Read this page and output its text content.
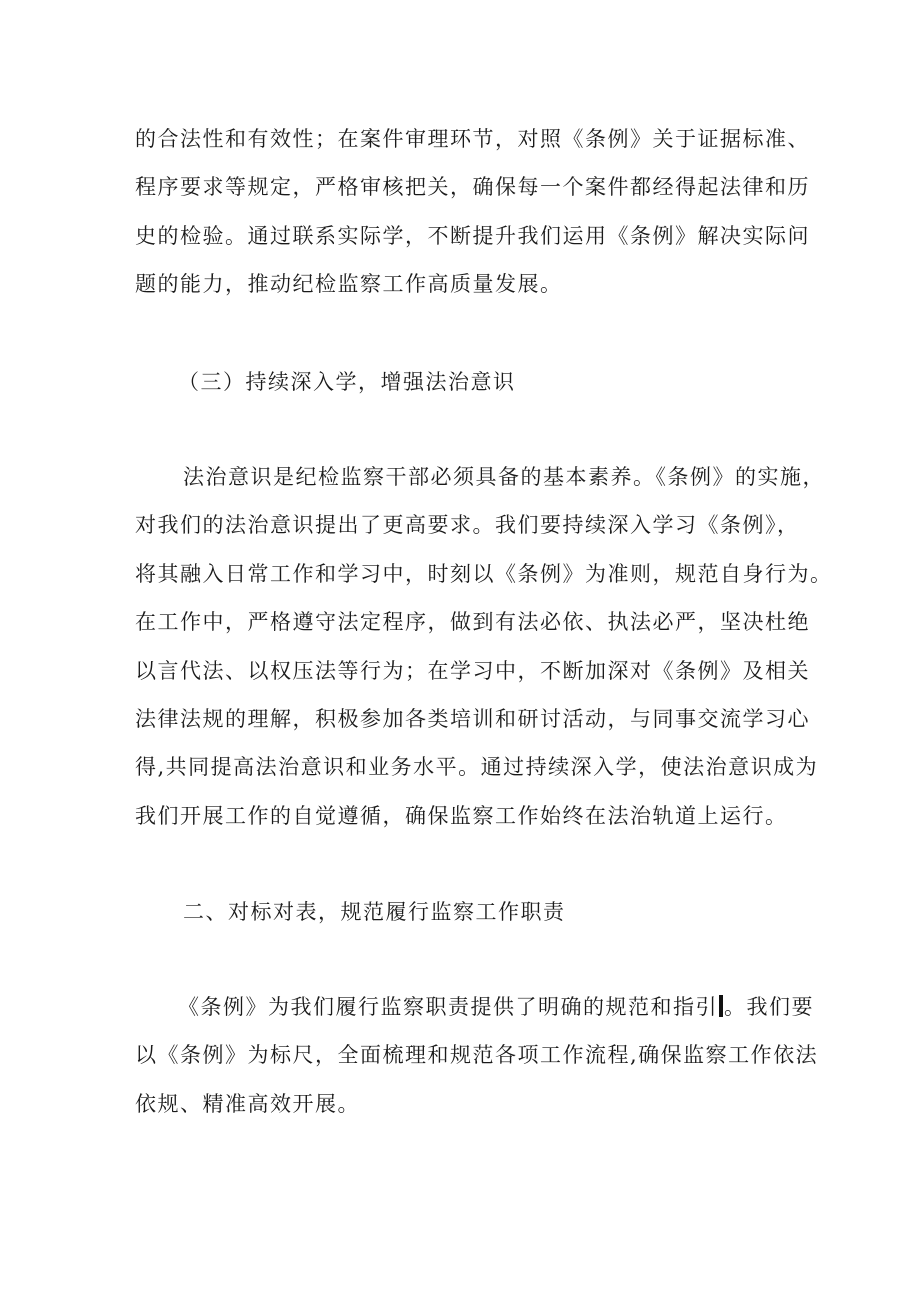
的合法性和有效性；在案件审理环节，对照《条例》关于证据标准、

程序要求等规定，严格审核把关，确保每一个案件都经得起法律和历

史的检验。通过联系实际学，不断提升我们运用《条例》解决实际问

题的能力，推动纪检监察工作高质量发展。

（三）持续深入学，增强法治意识

法治意识是纪检监察干部必须具备的基本素养。《条例》的实施，

对我们的法治意识提出了更高要求。我们要持续深入学习《条例》，

将其融入日常工作和学习中，时刻以《条例》为准则，规范自身行为。

在工作中，严格遵守法定程序，做到有法必依、执法必严，坚决杜绝

以言代法、以权压法等行为；在学习中，不断加深对《条例》及相关

法律法规的理解，积极参加各类培训和研讨活动，与同事交流学习心

得,共同提高法治意识和业务水平。通过持续深入学，使法治意识成为

我们开展工作的自觉遵循，确保监察工作始终在法治轨道上运行。

二、对标对表，规范履行监察工作职责

《条例》为我们履行监察职责提供了明确的规范和指引 。我们要

以《条例》为标尺，全面梳理和规范各项工作流程,确保监察工作依法

依规、精准高效开展。
